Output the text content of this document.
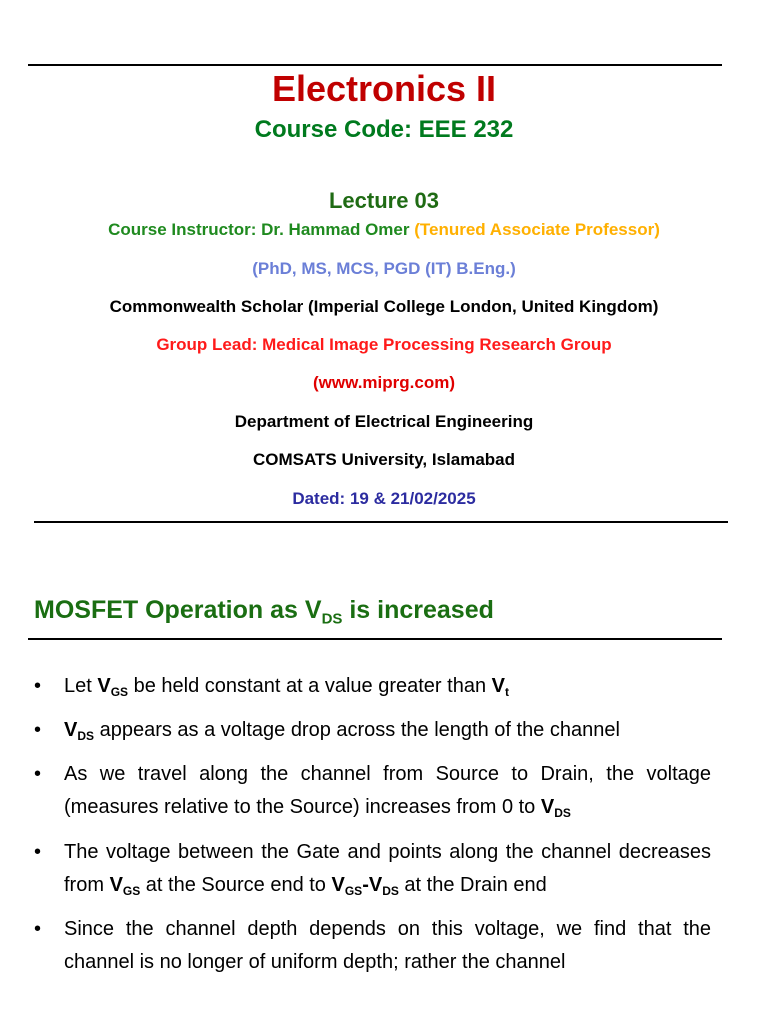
Electronics II
Course Code: EEE 232
Lecture 03
Course Instructor: Dr. Hammad Omer (Tenured Associate Professor)
(PhD, MS, MCS, PGD (IT) B.Eng.)
Commonwealth Scholar (Imperial College London, United Kingdom)
Group Lead: Medical Image Processing Research Group
(www.miprg.com)
Department of Electrical Engineering
COMSATS University, Islamabad
Dated: 19 & 21/02/2025
MOSFET Operation as $V_{DS}$ is increased
• Let $V_{GS}$ be held constant at a value greater than $V_t$
• $V_{DS}$ appears as a voltage drop across the length of the channel
• As we travel along the channel from Source to Drain, the voltage (measures relative to the Source) increases from 0 to $V_{DS}$
• The voltage between the Gate and points along the channel decreases from $V_{GS}$ at the Source end to $V_{GS}-V_{DS}$ at the Drain end
• Since the channel depth depends on this voltage, we find that the channel is no longer of uniform depth; rather the channel
